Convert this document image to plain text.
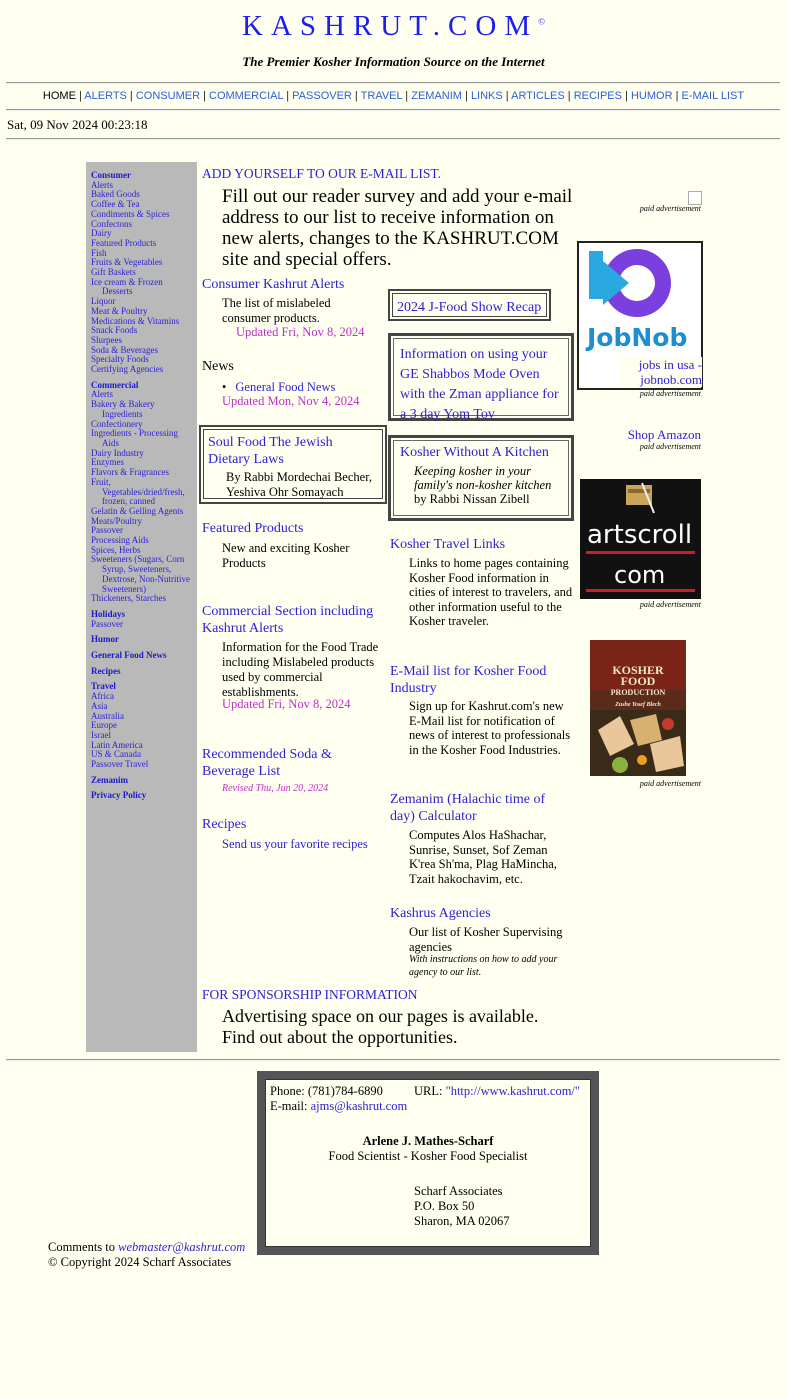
KASHRUT.COM©
The Premier Kosher Information Source on the Internet
HOME | ALERTS | CONSUMER | COMMERCIAL | PASSOVER | TRAVEL | ZEMANIM | LINKS | ARTICLES | RECIPES | HUMOR | E-MAIL LIST
Sat, 09 Nov 2024 00:23:18
Consumer
Alerts
Baked Goods
Coffee & Tea
Condiments & Spices
Confectons
Dairy
Featured Products
Fish
Fruits & Vegetables
Gift Baskets
Ice cream & Frozen
Desserts
Liquor
Meat & Poultry
Medications & Vitamins
Snack Foods
Slurpees
Soda & Beverages
Specialty Foods
Certifying Agencies
Commercial
Alerts
Bakery & Bakery
Ingredients
Confectionery
Ingredients - Processing
Aids
Dairy Industry
Enzymes
Flavors & Fragrances
Fruit,
Vegetables/dried/fresh,
frozen, canned
Gelatin & Gelling Agents
Meats/Poultry
Passover
Processing Aids
Spices, Herbs
Sweeteners (Sugars, Corn
Syrup, Sweeteners,
Dextrose, Non-Nutritive
Sweeteners)
Thickeners, Starches
Holidays
Passover
Humor
General Food News
Recipes
Travel
Africa
Asia
Australia
Europe
Israel
Latin America
US & Canada
Passover Travel
Zemanim
Privacy Policy
ADD YOURSELF TO OUR E-MAIL LIST.
Fill out our reader survey and add your e-mail address to our list to receive information on new alerts, changes to the KASHRUT.COM site and special offers.
Consumer Kashrut Alerts
The list of mislabeled consumer products.
Updated Fri, Nov 8, 2024
News
• General Food News
Updated Mon, Nov 4, 2024
Soul Food The Jewish Dietary Laws
By Rabbi Mordechai Becher, Yeshiva Ohr Somayach
Featured Products
New and exciting Kosher Products
Commercial Section including Kashrut Alerts
Information for the Food Trade including Mislabeled products used by commercial establishments.
Updated Fri, Nov 8, 2024
Recommended Soda & Beverage List
Revised Thu, Jun 20, 2024
Recipes
Send us your favorite recipes
2024 J-Food Show Recap
Information on using your GE Shabbos Mode Oven with the Zman appliance for a 3 day Yom Tov
Kosher Without A Kitchen
Keeping kosher in your family's non-kosher kitchen
by Rabbi Nissan Zibell
Kosher Travel Links
Links to home pages containing Kosher Food information in cities of interest to travelers, and other information useful to the Kosher traveler.
E-Mail list for Kosher Food Industry
Sign up for Kashrut.com's new E-Mail list for notification of news of interest to professionals in the Kosher Food Industries.
Zemanim (Halachic time of day) Calculator
Computes Alos HaShachar, Sunrise, Sunset, Sof Zeman K'rea Sh'ma, Plag HaMincha, Tzait hakochavim, etc.
Kashrus Agencies
Our list of Kosher Supervising agencies
With instructions on how to add your agency to our list.
FOR SPONSORSHIP INFORMATION
Advertising space on our pages is available. Find out about the opportunities.
paid advertisement
JobNob
jobs in usa - jobnob.com
paid advertisement
Shop Amazon
paid advertisement
artscroll
com
paid advertisement
KOSHER
FOOD
PRODUCTION
Zushe Yosef Blech
paid advertisement
Phone: (781)784-6890 URL: "http://www.kashrut.com/"
E-mail: ajms@kashrut.com
Arlene J. Mathes-Scharf
Food Scientist - Kosher Food Specialist
Scharf Associates
P.O. Box 50
Sharon, MA 02067
Comments to webmaster@kashrut.com
© Copyright 2024 Scharf Associates
